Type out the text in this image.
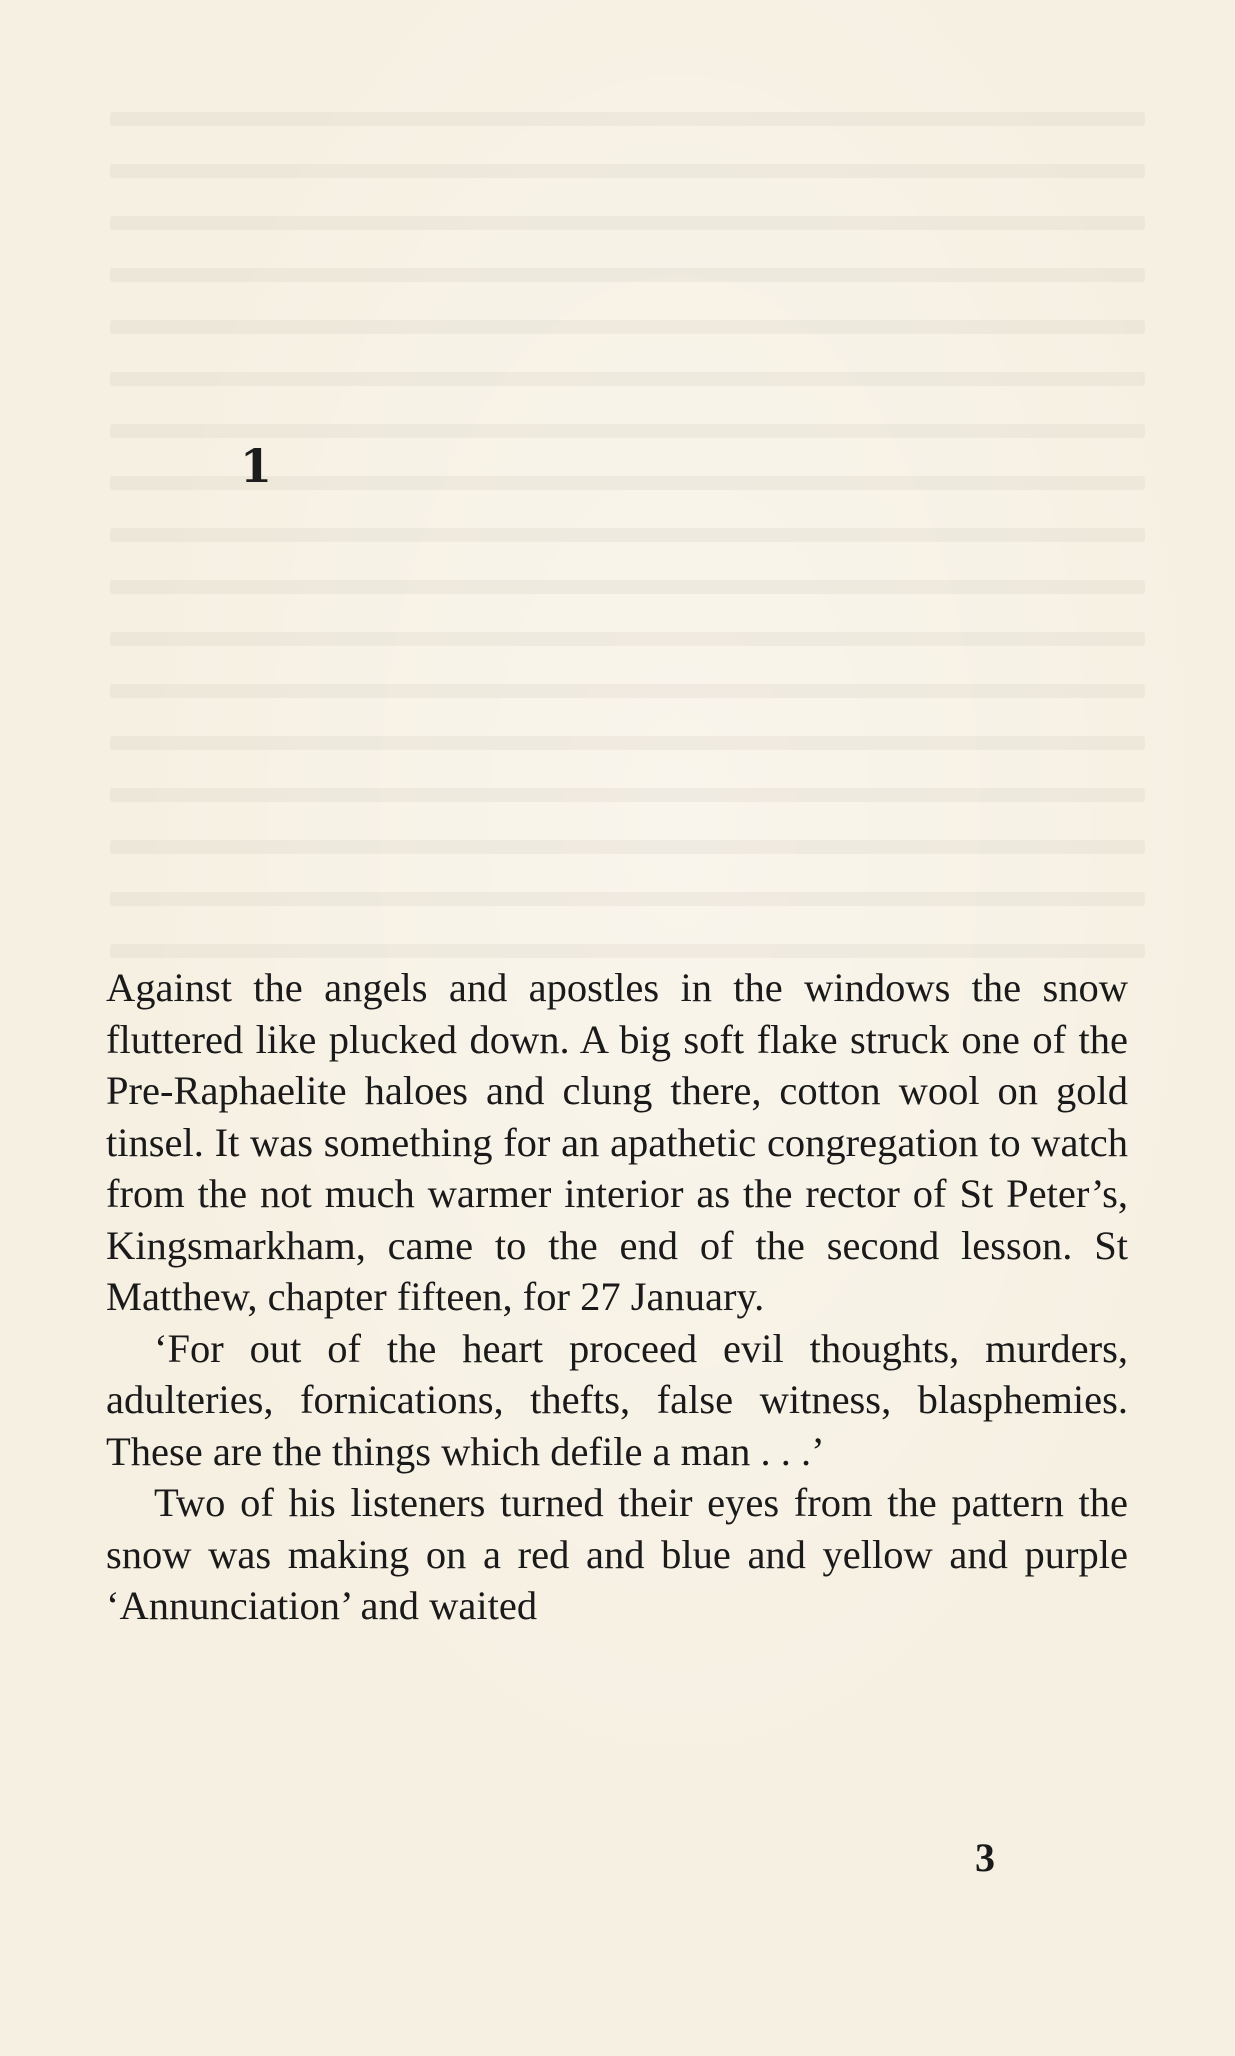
1

Against the angels and apostles in the windows the snow fluttered like plucked down. A big soft flake struck one of the Pre-Raphaelite haloes and clung there, cotton wool on gold tinsel. It was something for an apathetic congregation to watch from the not much warmer interior as the rector of St Peter’s, Kingsmarkham, came to the end of the second lesson. St Matthew, chapter fifteen, for 27 January.

‘For out of the heart proceed evil thoughts, murders, adulteries, fornications, thefts, false witness, blasphemies. These are the things which defile a man . . .’

Two of his listeners turned their eyes from the pattern the snow was making on a red and blue and yellow and purple ‘Annunciation’ and waited

3
